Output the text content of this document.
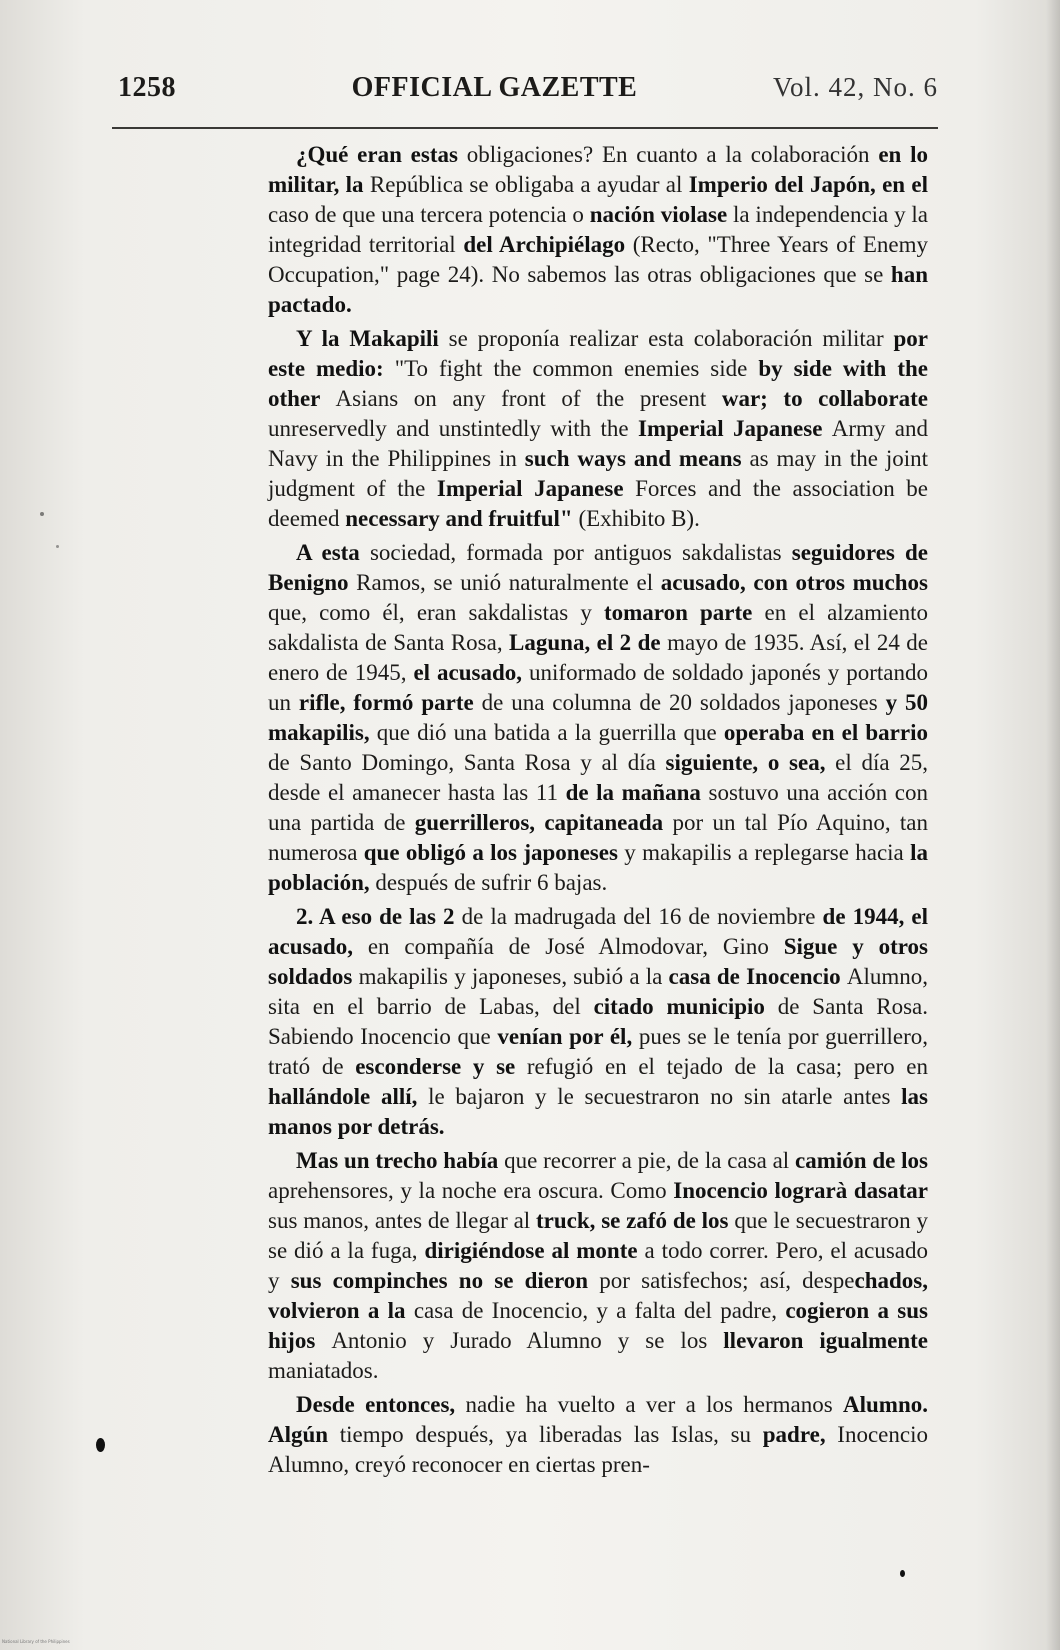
1258	OFFICIAL GAZETTE	Vol. 42, No. 6

¿Qué eran estas obligaciones? En cuanto a la colaboración en lo militar, la República se obligaba a ayudar al Imperio del Japón, en el caso de que una tercera potencia o nación violase la independencia y la integridad territorial del Archipiélago (Recto, "Three Years of Enemy Occupation," page 24). No sabemos las otras obligaciones que se han pactado.

Y la Makapili se proponía realizar esta colaboración militar por este medio: "To fight the common enemies side by side with the other Asians on any front of the present war; to collaborate unreservedly and unstintedly with the Imperial Japanese Army and Navy in the Philippines in such ways and means as may in the joint judgment of the Imperial Japanese Forces and the association be deemed necessary and fruitful" (Exhibito B).

A esta sociedad, formada por antiguos sakdalistas seguidores de Benigno Ramos, se unió naturalmente el acusado, con otros muchos que, como él, eran sakdalistas y tomaron parte en el alzamiento sakdalista de Santa Rosa, Laguna, el 2 de mayo de 1935. Así, el 24 de enero de 1945, el acusado, uniformado de soldado japonés y portando un rifle, formó parte de una columna de 20 soldados japoneses y 50 makapilis, que dió una batida a la guerrilla que operaba en el barrio de Santo Domingo, Santa Rosa y al día siguiente, o sea, el día 25, desde el amanecer hasta las 11 de la mañana sostuvo una acción con una partida de guerrilleros, capitaneada por un tal Pío Aquino, tan numerosa que obligó a los japoneses y makapilis a replegarse hacia la población, después de sufrir 6 bajas.

2. A eso de las 2 de la madrugada del 16 de noviembre de 1944, el acusado, en compañía de José Almodovar, Gino Sigue y otros soldados makapilis y japoneses, subió a la casa de Inocencio Alumno, sita en el barrio de Labas, del citado municipio de Santa Rosa. Sabiendo Inocencio que venían por él, pues se le tenía por guerrillero, trató de esconderse y se refugió en el tejado de la casa; pero en hallándole allí, le bajaron y le secuestraron no sin atarle antes las manos por detrás.

Mas un trecho había que recorrer a pie, de la casa al camión de los aprehensores, y la noche era oscura. Como Inocencio lograrà dasatar sus manos, antes de llegar al truck, se zafó de los que le secuestraron y se dió a la fuga, dirigiéndose al monte a todo correr. Pero, el acusado y sus compinches no se dieron por satisfechos; así, despechados, volvieron a la casa de Inocencio, y a falta del padre, cogieron a sus hijos Antonio y Jurado Alumno y se los llevaron igualmente maniatados.

Desde entonces, nadie ha vuelto a ver a los hermanos Alumno. Algún tiempo después, ya liberadas las Islas, su padre, Inocencio Alumno, creyó reconocer en ciertas pren-

National Library of the Philippines
